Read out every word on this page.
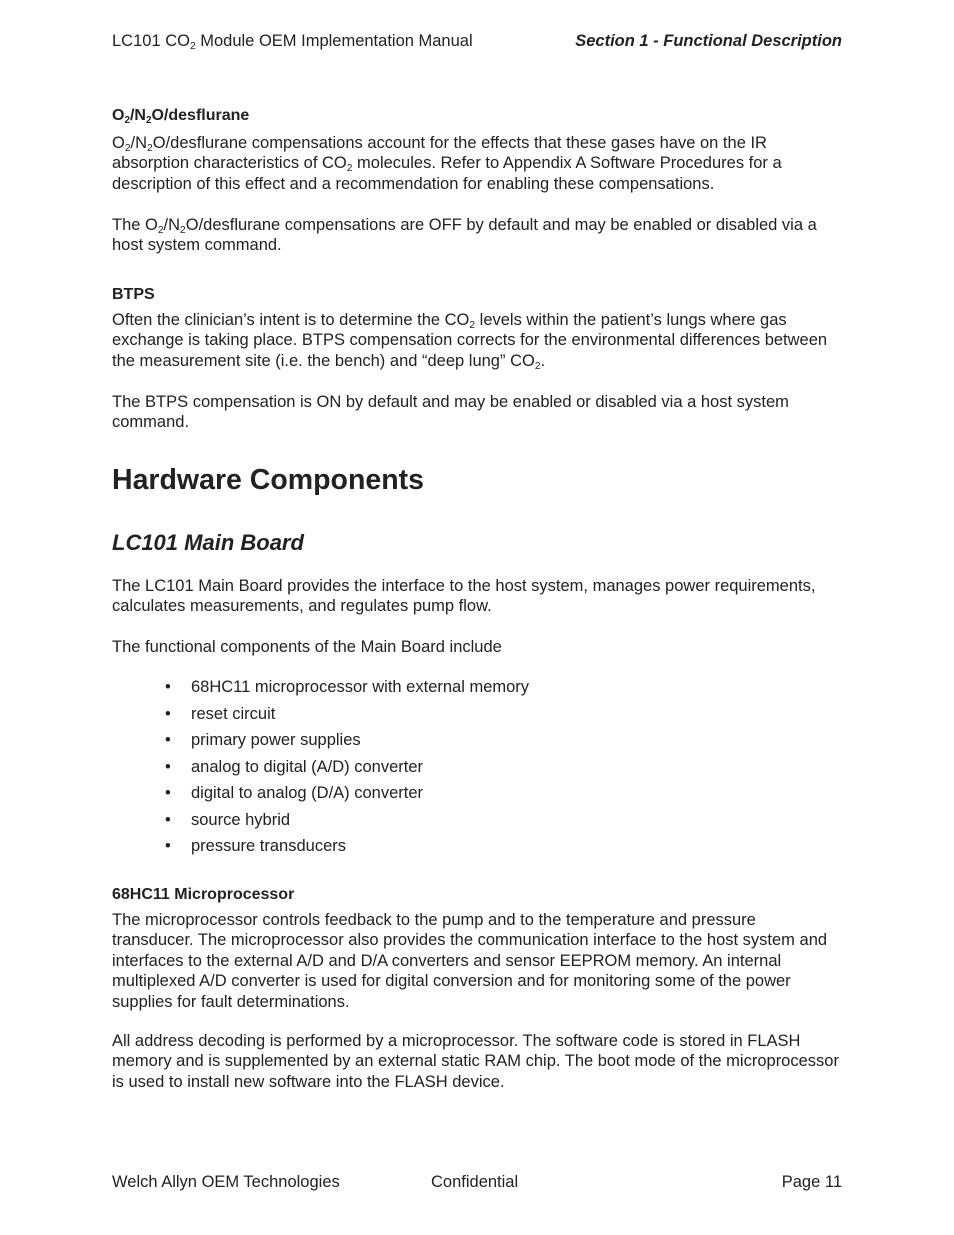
LC101 $CO_2$ Module OEM Implementation Manual	Section 1 - Functional Description
$O_2/N_2O$/desflurane

$O_2/N_2O$/desflurane compensations account for the effects that these gases have on the IR absorption characteristics of $CO_2$ molecules. Refer to Appendix A Software Procedures for a description of this effect and a recommendation for enabling these compensations.

The $O_2/N_2O$/desflurane compensations are OFF by default and may be enabled or disabled via a host system command.

BTPS

Often the clinician’s intent is to determine the $CO_2$ levels within the patient’s lungs where gas exchange is taking place. BTPS compensation corrects for the environmental differences between the measurement site (i.e. the bench) and “deep lung” $CO_2$.

The BTPS compensation is ON by default and may be enabled or disabled via a host system command.

Hardware Components
LC101 Main Board

The LC101 Main Board provides the interface to the host system, manages power requirements, calculates measurements, and regulates pump flow.

The functional components of the Main Board include

• 68HC11 microprocessor with external memory
• reset circuit
• primary power supplies
• analog to digital (A/D) converter
• digital to analog (D/A) converter
• source hybrid
• pressure transducers
68HC11 Microprocessor

The microprocessor controls feedback to the pump and to the temperature and pressure transducer. The microprocessor also provides the communication interface to the host system and interfaces to the external A/D and D/A converters and sensor EEPROM memory. An internal multiplexed A/D converter is used for digital conversion and for monitoring some of the power supplies for fault determinations.

All address decoding is performed by a microprocessor. The software code is stored in FLASH memory and is supplemented by an external static RAM chip. The boot mode of the microprocessor is used to install new software into the FLASH device.

Welch Allyn OEM Technologies	Confidential	Page 11
